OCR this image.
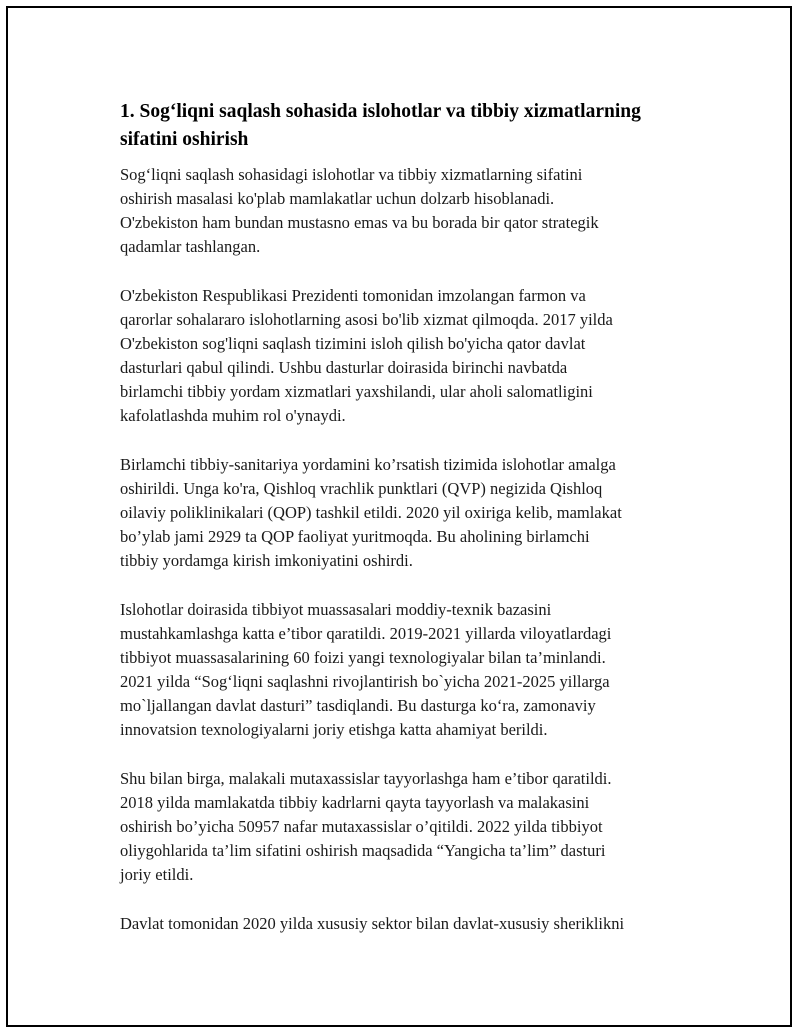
1. Sog‘liqni saqlash sohasida islohotlar va tibbiy xizmatlarning
sifatini oshirish

Sog‘liqni saqlash sohasidagi islohotlar va tibbiy xizmatlarning sifatini
oshirish masalasi ko'plab mamlakatlar uchun dolzarb hisoblanadi.
O'zbekiston ham bundan mustasno emas va bu borada bir qator strategik
qadamlar tashlangan.

O'zbekiston Respublikasi Prezidenti tomonidan imzolangan farmon va
qarorlar sohalararo islohotlarning asosi bo'lib xizmat qilmoqda. 2017 yilda
O'zbekiston sog'liqni saqlash tizimini isloh qilish bo'yicha qator davlat
dasturlari qabul qilindi. Ushbu dasturlar doirasida birinchi navbatda
birlamchi tibbiy yordam xizmatlari yaxshilandi, ular aholi salomatligini
kafolatlashda muhim rol o'ynaydi.

Birlamchi tibbiy-sanitariya yordamini ko’rsatish tizimida islohotlar amalga
oshirildi. Unga ko'ra, Qishloq vrachlik punktlari (QVP) negizida Qishloq
oilaviy poliklinikalari (QOP) tashkil etildi. 2020 yil oxiriga kelib, mamlakat
bo’ylab jami 2929 ta QOP faoliyat yuritmoqda. Bu aholining birlamchi
tibbiy yordamga kirish imkoniyatini oshirdi.

Islohotlar doirasida tibbiyot muassasalari moddiy-texnik bazasini
mustahkamlashga katta e’tibor qaratildi. 2019-2021 yillarda viloyatlardagi
tibbiyot muassasalarining 60 foizi yangi texnologiyalar bilan ta’minlandi.
2021 yilda “Sog‘liqni saqlashni rivojlantirish bo`yicha 2021-2025 yillarga
mo`ljallangan davlat dasturi” tasdiqlandi. Bu dasturga ko‘ra, zamonaviy
innovatsion texnologiyalarni joriy etishga katta ahamiyat berildi.

Shu bilan birga, malakali mutaxassislar tayyorlashga ham e’tibor qaratildi.
2018 yilda mamlakatda tibbiy kadrlarni qayta tayyorlash va malakasini
oshirish bo’yicha 50957 nafar mutaxassislar o’qitildi. 2022 yilda tibbiyot
oliygohlarida ta’lim sifatini oshirish maqsadida “Yangicha ta’lim” dasturi
joriy etildi.

Davlat tomonidan 2020 yilda xususiy sektor bilan davlat-xususiy sheriklikni
